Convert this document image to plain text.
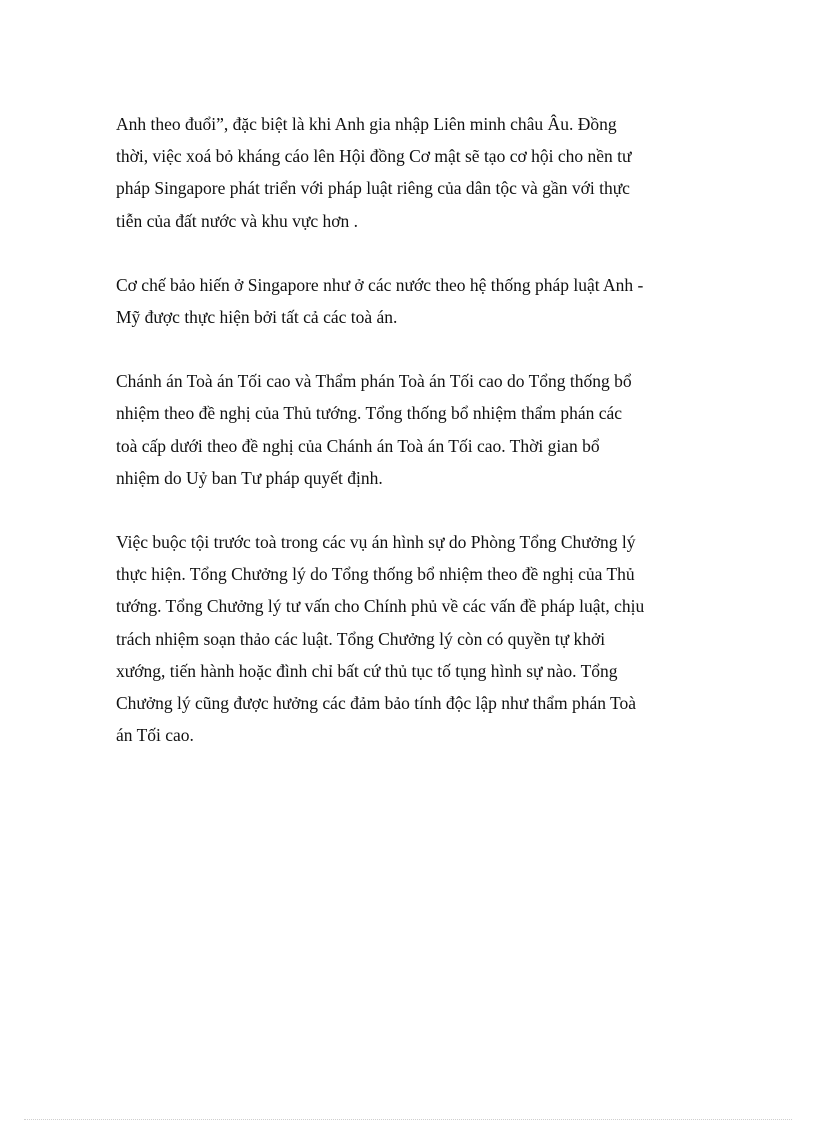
Anh theo đuổi”, đặc biệt là khi Anh gia nhập Liên minh châu Âu. Đồng
thời, việc xoá bỏ kháng cáo lên Hội đồng Cơ mật sẽ tạo cơ hội cho nền tư
pháp Singapore phát triển với pháp luật riêng của dân tộc và gần với thực
tiễn của đất nước và khu vực hơn .

Cơ chế bảo hiến ở Singapore như ở các nước theo hệ thống pháp luật Anh -
Mỹ được thực hiện bởi tất cả các toà án.

Chánh án Toà án Tối cao và Thẩm phán Toà án Tối cao do Tổng thống bổ
nhiệm theo đề nghị của Thủ tướng. Tổng thống bổ nhiệm thẩm phán các
toà cấp dưới theo đề nghị của Chánh án Toà án Tối cao. Thời gian bổ
nhiệm do Uỷ ban Tư pháp quyết định.

Việc buộc tội trước toà trong các vụ án hình sự do Phòng Tổng Chưởng lý
thực hiện. Tổng Chưởng lý do Tổng thống bổ nhiệm theo đề nghị của Thủ
tướng. Tổng Chưởng lý tư vấn cho Chính phủ về các vấn đề pháp luật, chịu
trách nhiệm soạn thảo các luật. Tổng Chưởng lý còn có quyền tự khởi
xướng, tiến hành hoặc đình chỉ bất cứ thủ tục tố tụng hình sự nào. Tổng
Chưởng lý cũng được hưởng các đảm bảo tính độc lập như thẩm phán Toà
án Tối cao.
